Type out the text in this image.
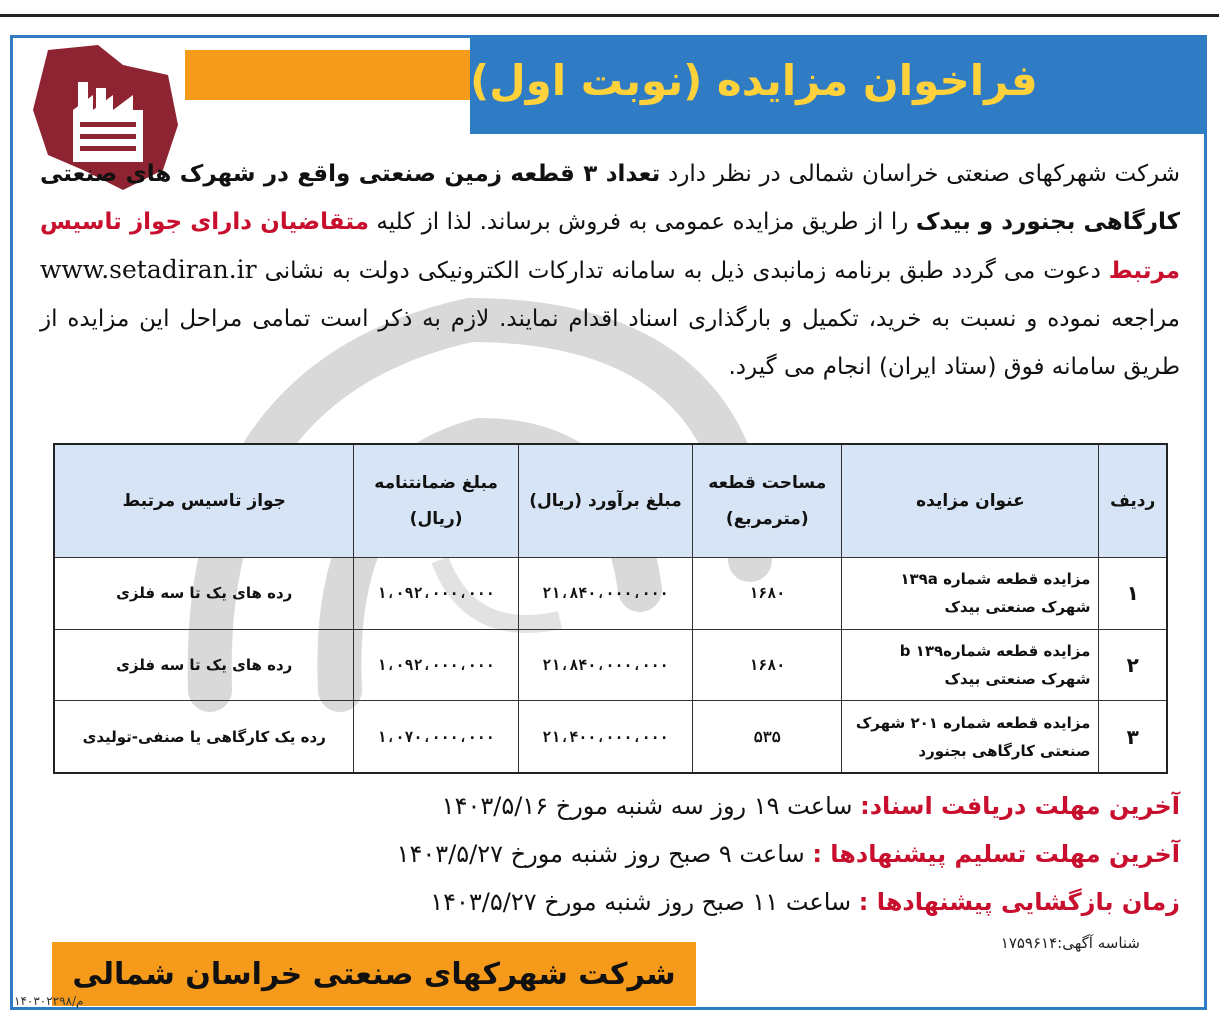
فراخوان مزایده (نوبت اول)
شرکت شهرکهای صنعتی خراسان شمالی در نظر دارد تعداد ۳ قطعه زمین صنعتی واقع در شهرک های صنعتی کارگاهی بجنورد و بیدک را از طریق مزایده عمومی به فروش برساند. لذا از کلیه متقاضیان دارای جواز تاسیس مرتبط دعوت می گردد طبق برنامه زمانبدی ذیل به سامانه تدارکات الکترونیکی دولت به نشانی www.setadiran.ir مراجعه نموده و نسبت به خرید، تکمیل و بارگذاری اسناد اقدام نمایند. لازم به ذکر است تمامی مراحل این مزایده از طریق سامانه فوق (ستاد ایران) انجام می گیرد.
ردیف	عنوان مزایده	مساحت قطعه (مترمربع)	مبلغ برآورد (ریال)	مبلغ ضمانتنامه (ریال)	جواز تاسیس مرتبط
۱	مزایده قطعه شماره ۱۳۹a شهرک صنعتی بیدک	۱۶۸۰	۲۱،۸۴۰،۰۰۰،۰۰۰	۱،۰۹۲،۰۰۰،۰۰۰	رده های یک تا سه فلزی
۲	مزایده قطعه شمارهb ۱۳۹ شهرک صنعتی بیدک	۱۶۸۰	۲۱،۸۴۰،۰۰۰،۰۰۰	۱،۰۹۲،۰۰۰،۰۰۰	رده های یک تا سه فلزی
۳	مزایده قطعه شماره ۲۰۱ شهرک صنعتی کارگاهی بجنورد	۵۳۵	۲۱،۴۰۰،۰۰۰،۰۰۰	۱،۰۷۰،۰۰۰،۰۰۰	رده یک کارگاهی یا صنفی-تولیدی
آخرین مهلت دریافت اسناد: ساعت ۱۹ روز سه شنبه مورخ ۱۴۰۳/۵/۱۶
آخرین مهلت تسلیم پیشنهادها : ساعت ۹ صبح روز شنبه مورخ ۱۴۰۳/۵/۲۷
زمان بازگشایی پیشنهادها : ساعت ۱۱ صبح روز شنبه مورخ ۱۴۰۳/۵/۲۷
شناسه آگهی:۱۷۵۹۶۱۴
شرکت شهرکهای صنعتی خراسان شمالی
م/۱۴۰۳۰۲۲۹۸
